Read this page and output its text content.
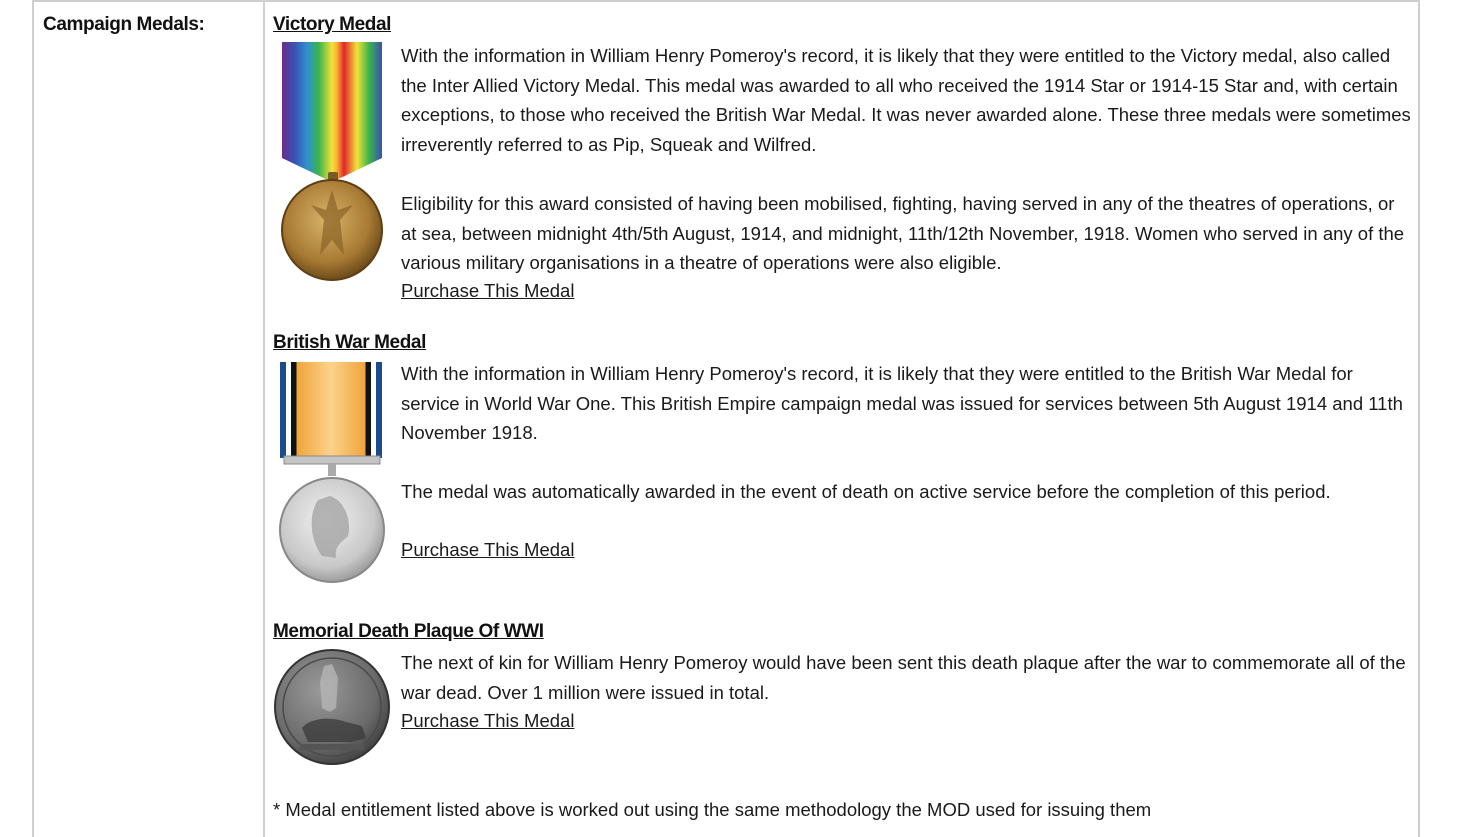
Campaign Medals:	Victory Medal

With the information in William Henry Pomeroy's record, it is likely that they were entitled to the Victory medal, also called the Inter Allied Victory Medal. This medal was awarded to all who received the 1914 Star or 1914-15 Star and, with certain exceptions, to those who received the British War Medal. It was never awarded alone. These three medals were sometimes irreverently referred to as Pip, Squeak and Wilfred.

Eligibility for this award consisted of having been mobilised, fighting, having served in any of the theatres of operations, or at sea, between midnight 4th/5th August, 1914, and midnight, 11th/12th November, 1918. Women who served in any of the various military organisations in a theatre of operations were also eligible.

Purchase This Medal
British War Medal

With the information in William Henry Pomeroy's record, it is likely that they were entitled to the British War Medal for service in World War One. This British Empire campaign medal was issued for services between 5th August 1914 and 11th November 1918.

The medal was automatically awarded in the event of death on active service before the completion of this period.

Purchase This Medal
Memorial Death Plaque Of WWI

The next of kin for William Henry Pomeroy would have been sent this death plaque after the war to commemorate all of the war dead. Over 1 million were issued in total.

Purchase This Medal
* Medal entitlement listed above is worked out using the same methodology the MOD used for issuing them
